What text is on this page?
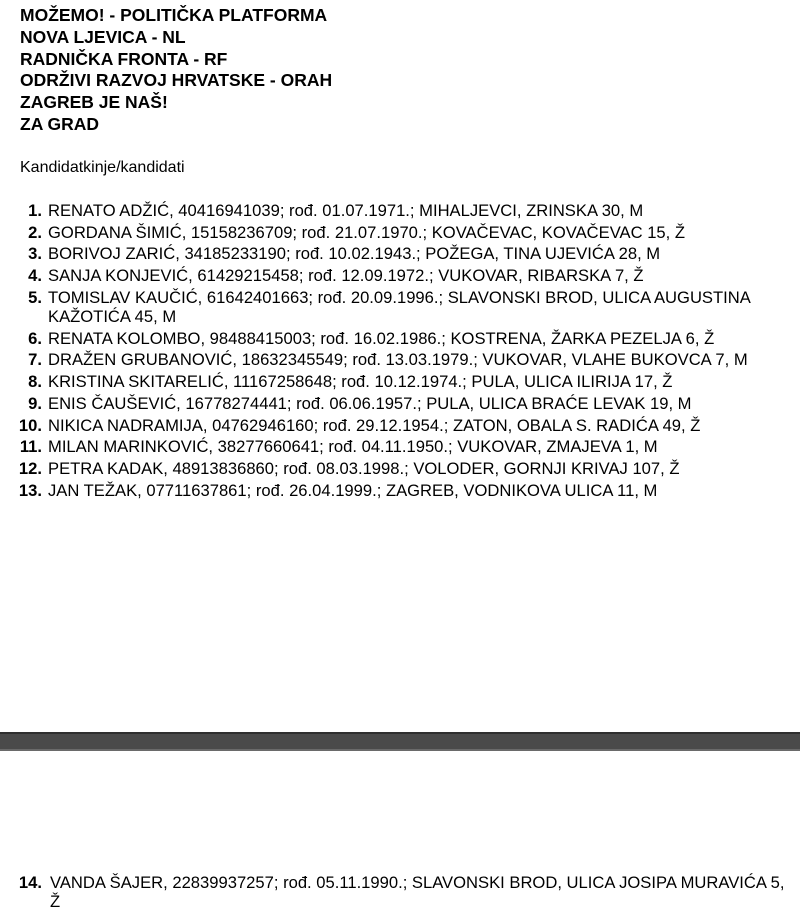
MOŽEMO! - POLITIČKA PLATFORMA
NOVA LJEVICA - NL
RADNIČKA FRONTA - RF
ODRŽIVI RAZVOJ HRVATSKE - ORAH
ZAGREB JE NAŠ!
ZA GRAD
Kandidatkinje/kandidati
1. RENATO ADŽIĆ, 40416941039; rođ. 01.07.1971.; MIHALJEVCI, ZRINSKA 30, M
2. GORDANA ŠIMIĆ, 15158236709; rođ. 21.07.1970.; KOVAČEVAC, KOVAČEVAC 15, Ž
3. BORIVOJ ZARIĆ, 34185233190; rođ. 10.02.1943.; POŽEGA, TINA UJEVIĆA 28, M
4. SANJA KONJEVIĆ, 61429215458; rođ. 12.09.1972.; VUKOVAR, RIBARSKA 7, Ž
5. TOMISLAV KAUČIĆ, 61642401663; rođ. 20.09.1996.; SLAVONSKI BROD, ULICA AUGUSTINA KAŽOTIĆA 45, M
6. RENATA KOLOMBO, 98488415003; rođ. 16.02.1986.; KOSTRENA, ŽARKA PEZELJA 6, Ž
7. DRAŽEN GRUBANOVIĆ, 18632345549; rođ. 13.03.1979.; VUKOVAR, VLAHE BUKOVCA 7, M
8. KRISTINA SKITARELIĆ, 11167258648; rođ. 10.12.1974.; PULA, ULICA ILIRIJA 17, Ž
9. ENIS ČAUŠEVIĆ, 16778274441; rođ. 06.06.1957.; PULA, ULICA BRAĆE LEVAK 19, M
10. NIKICA NADRAMIJA, 04762946160; rođ. 29.12.1954.; ZATON, OBALA S. RADIĆA 49, Ž
11. MILAN MARINKOVIĆ, 38277660641; rođ. 04.11.1950.; VUKOVAR, ZMAJEVA 1, M
12. PETRA KADAK, 48913836860; rođ. 08.03.1998.; VOLODER, GORNJI KRIVAJ 107, Ž
13. JAN TEŽAK, 07711637861; rođ. 26.04.1999.; ZAGREB, VODNIKOVA ULICA 11, M
14. VANDA ŠAJER, 22839937257; rođ. 05.11.1990.; SLAVONSKI BROD, ULICA JOSIPA MURAVIĆA 5, Ž
